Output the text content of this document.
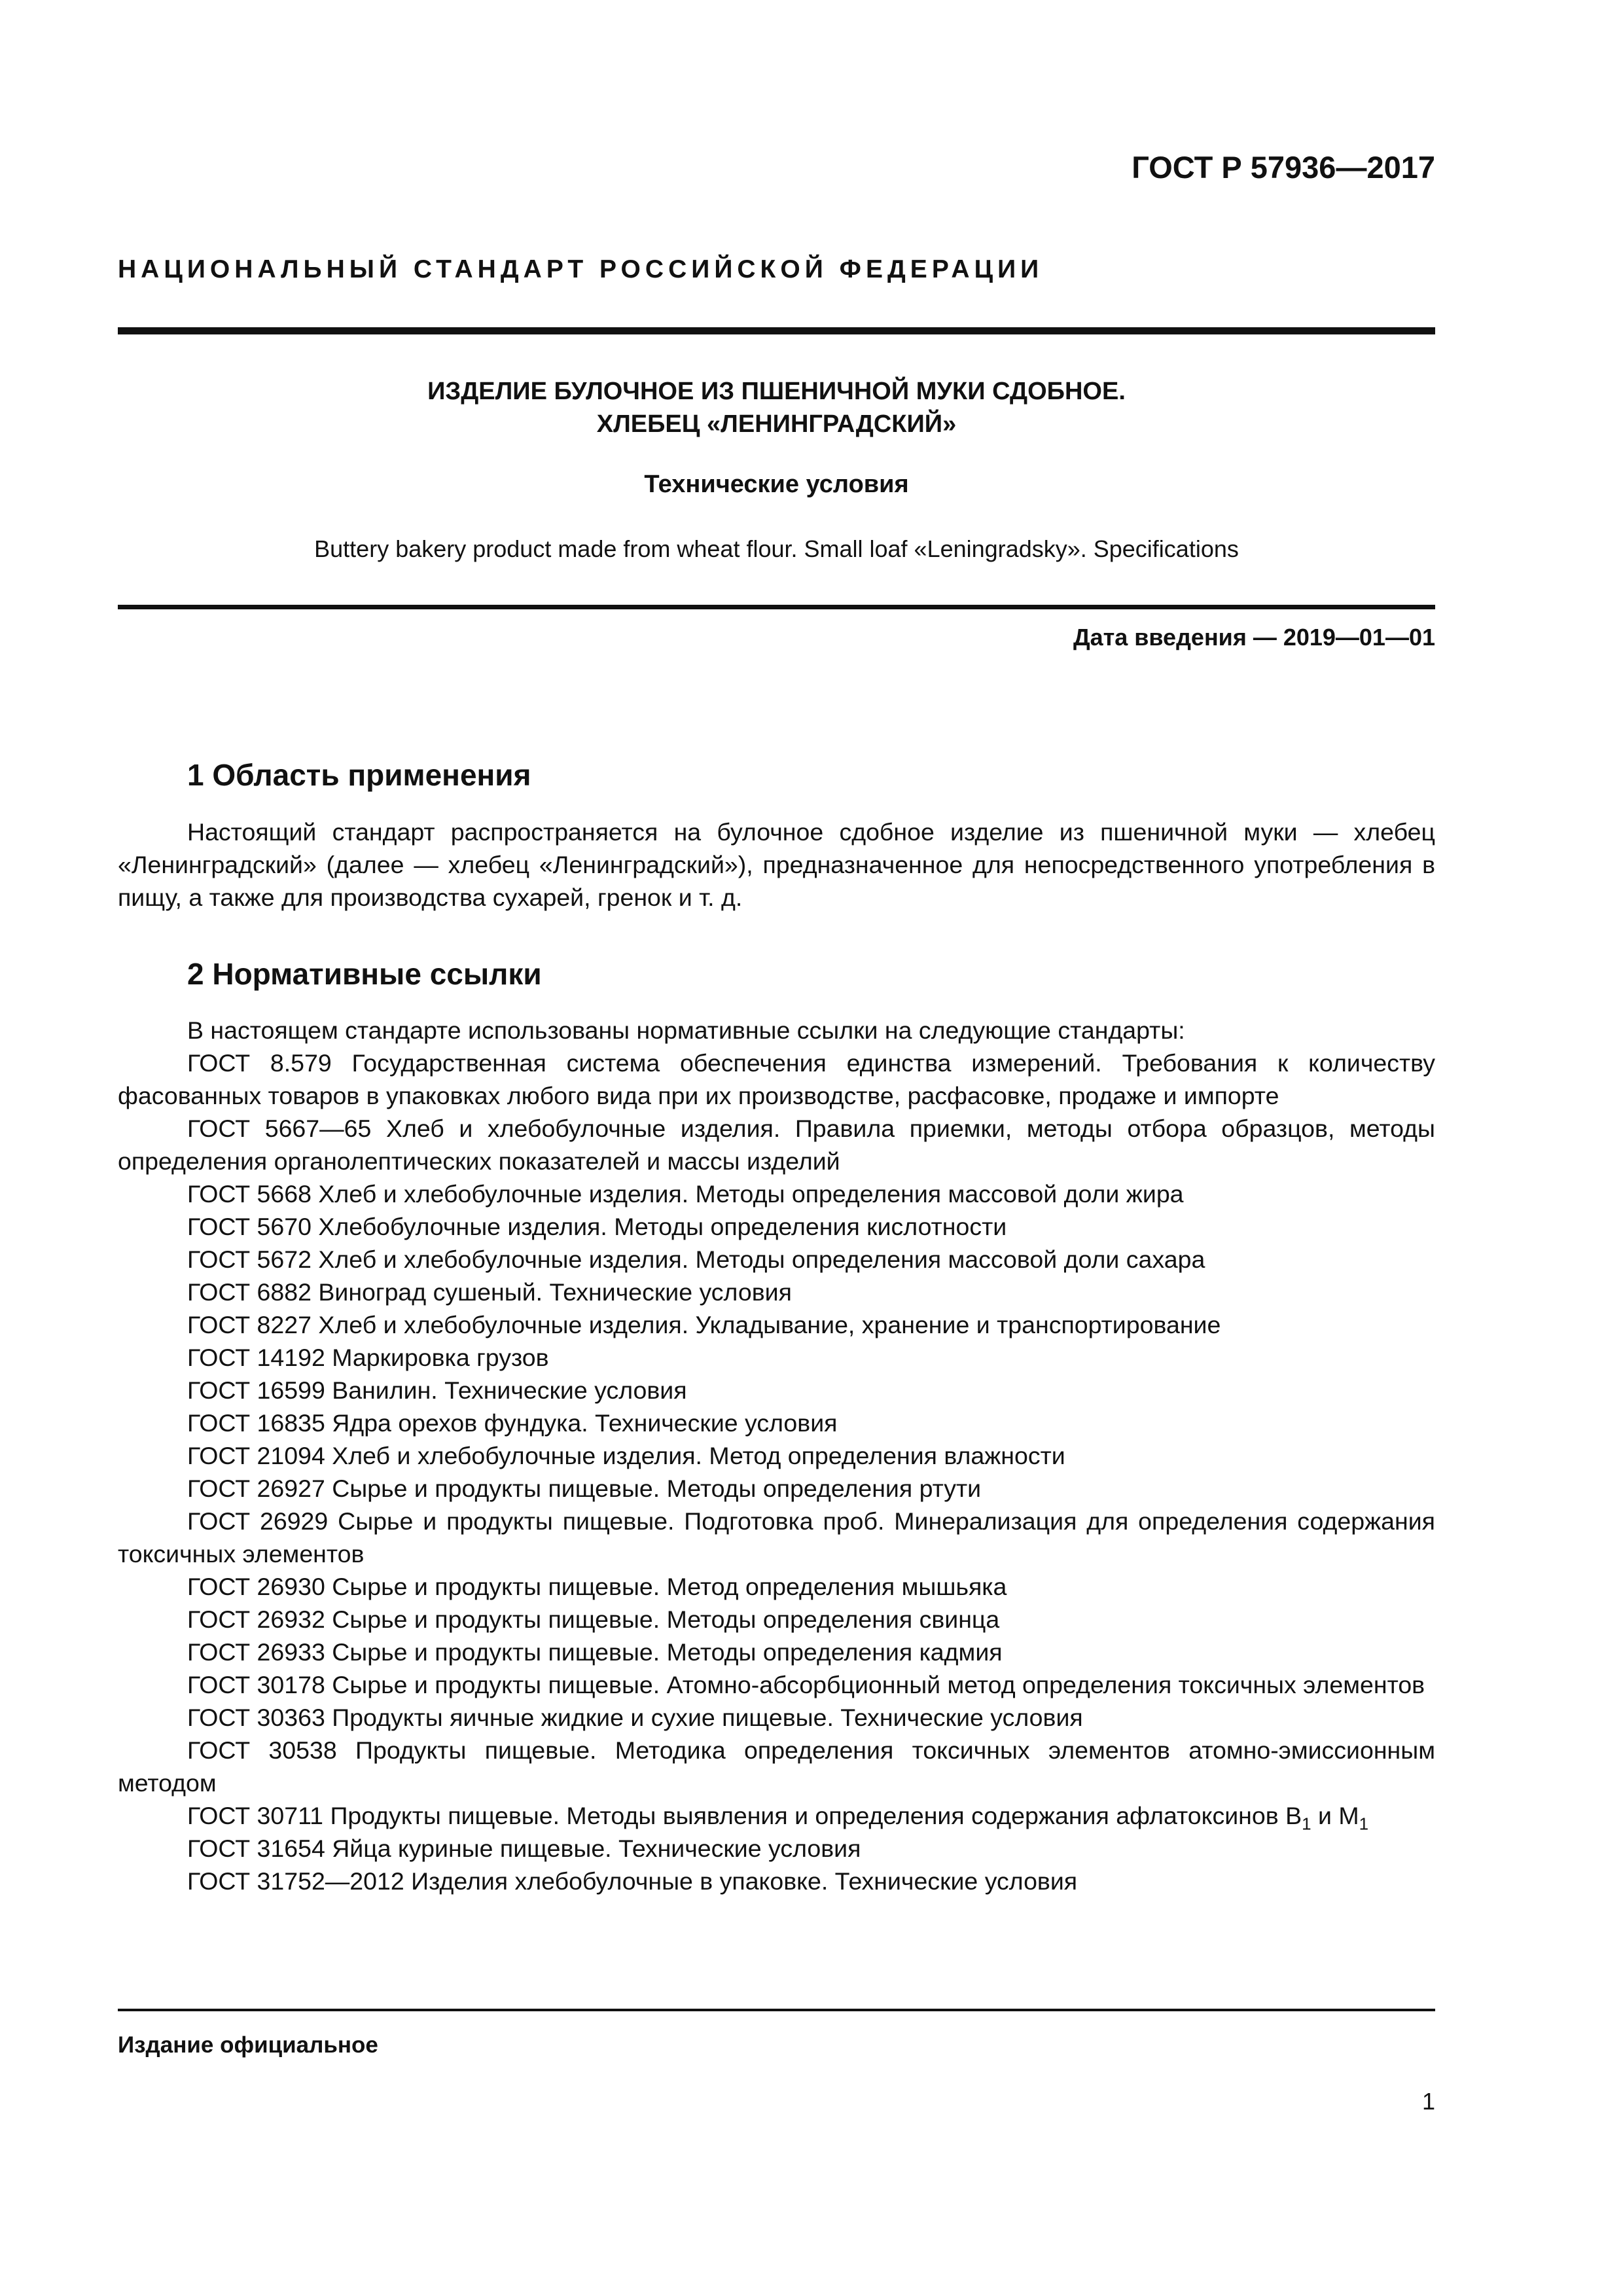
ГОСТ Р 57936—2017
НАЦИОНАЛЬНЫЙ СТАНДАРТ РОССИЙСКОЙ ФЕДЕРАЦИИ
ИЗДЕЛИЕ БУЛОЧНОЕ ИЗ ПШЕНИЧНОЙ МУКИ СДОБНОЕ.
ХЛЕБЕЦ «ЛЕНИНГРАДСКИЙ»
Технические условия
Buttery bakery product made from wheat flour. Small loaf «Leningradsky». Specifications
Дата введения — 2019—01—01
1 Область применения
Настоящий стандарт распространяется на булочное сдобное изделие из пшеничной муки — хлебец «Ленинградский» (далее — хлебец «Ленинградский»), предназначенное для непосредственного употребления в пищу, а также для производства сухарей, гренок и т. д.
2 Нормативные ссылки
В настоящем стандарте использованы нормативные ссылки на следующие стандарты:
ГОСТ 8.579 Государственная система обеспечения единства измерений. Требования к количеству фасованных товаров в упаковках любого вида при их производстве, расфасовке, продаже и импорте
ГОСТ 5667—65 Хлеб и хлебобулочные изделия. Правила приемки, методы отбора образцов, методы определения органолептических показателей и массы изделий
ГОСТ 5668 Хлеб и хлебобулочные изделия. Методы определения массовой доли жира
ГОСТ 5670 Хлебобулочные изделия. Методы определения кислотности
ГОСТ 5672 Хлеб и хлебобулочные изделия. Методы определения массовой доли сахара
ГОСТ 6882 Виноград сушеный. Технические условия
ГОСТ 8227 Хлеб и хлебобулочные изделия. Укладывание, хранение и транспортирование
ГОСТ 14192 Маркировка грузов
ГОСТ 16599 Ванилин. Технические условия
ГОСТ 16835 Ядра орехов фундука. Технические условия
ГОСТ 21094 Хлеб и хлебобулочные изделия. Метод определения влажности
ГОСТ 26927 Сырье и продукты пищевые. Методы определения ртути
ГОСТ 26929 Сырье и продукты пищевые. Подготовка проб. Минерализация для определения содержания токсичных элементов
ГОСТ 26930 Сырье и продукты пищевые. Метод определения мышьяка
ГОСТ 26932 Сырье и продукты пищевые. Методы определения свинца
ГОСТ 26933 Сырье и продукты пищевые. Методы определения кадмия
ГОСТ 30178 Сырье и продукты пищевые. Атомно-абсорбционный метод определения токсичных элементов
ГОСТ 30363 Продукты яичные жидкие и сухие пищевые. Технические условия
ГОСТ 30538 Продукты пищевые. Методика определения токсичных элементов атомно-эмиссионным методом
ГОСТ 30711 Продукты пищевые. Методы выявления и определения содержания афлатоксинов $B_1$ и $M_1$
ГОСТ 31654 Яйца куриные пищевые. Технические условия
ГОСТ 31752—2012 Изделия хлебобулочные в упаковке. Технические условия
Издание официальное
1
